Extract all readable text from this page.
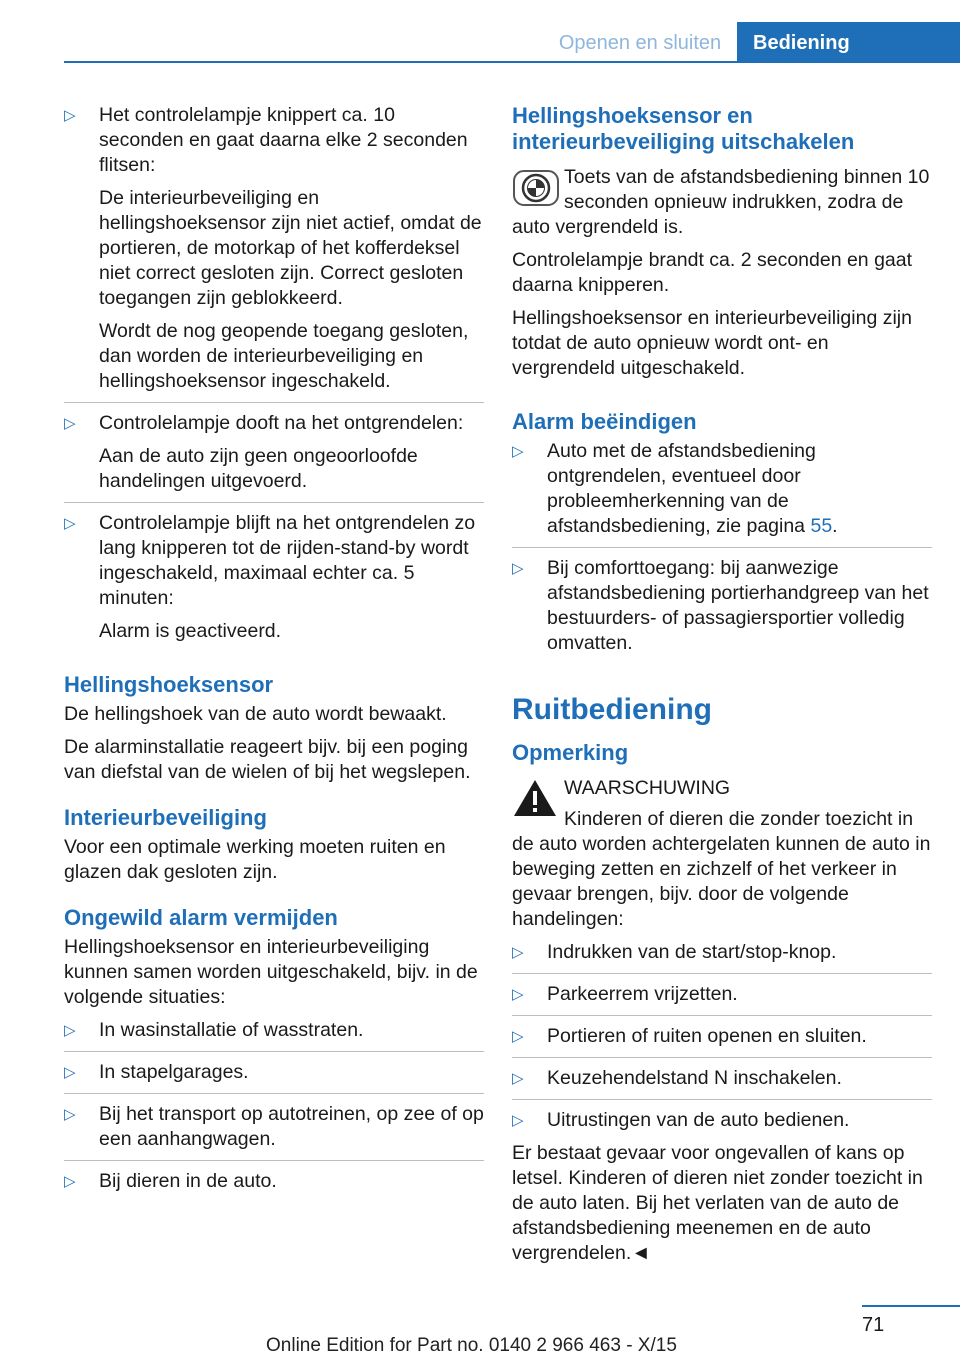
Openen en sluiten	Bediening
▷ Het controlelampje knippert ca. 10 seconden en gaat daarna elke 2 seconden flitsen:

De interieurbeveiliging en hellingshoeksensor zijn niet actief, omdat de portieren, de motorkap of het kofferdeksel niet correct gesloten zijn. Correct gesloten toegangen zijn geblokkeerd.

Wordt de nog geopende toegang gesloten, dan worden de interieurbeveiliging en hellingshoeksensor ingeschakeld.

▷ Controlelampje dooft na het ontgrendelen:

Aan de auto zijn geen ongeoorloofde handelingen uitgevoerd.

▷ Controlelampje blijft na het ontgrendelen zo lang knipperen tot de rijden-stand-by wordt ingeschakeld, maximaal echter ca. 5 minuten:

Alarm is geactiveerd.

Hellingshoeksensor

De hellingshoek van de auto wordt bewaakt.

De alarminstallatie reageert bijv. bij een poging van diefstal van de wielen of bij het wegslepen.

Interieurbeveiliging

Voor een optimale werking moeten ruiten en glazen dak gesloten zijn.

Ongewild alarm vermijden

Hellingshoeksensor en interieurbeveiliging kunnen samen worden uitgeschakeld, bijv. in de volgende situaties:

▷ In wasinstallatie of wasstraten.

▷ In stapelgarages.

▷ Bij het transport op autotreinen, op zee of op een aanhangwagen.

▷ Bij dieren in de auto.

Hellingshoeksensor en interieurbeveiliging uitschakelen

Toets van de afstandsbediening binnen 10 seconden opnieuw indrukken, zodra de auto vergrendeld is.

Controlelampje brandt ca. 2 seconden en gaat daarna knipperen.

Hellingshoeksensor en interieurbeveiliging zijn totdat de auto opnieuw wordt ont- en vergrendeld uitgeschakeld.

Alarm beëindigen
▷ Auto met de afstandsbediening ontgrendelen, eventueel door probleemherkenning van de afstandsbediening, zie pagina 55.

▷ Bij comforttoegang: bij aanwezige afstandsbediening portierhandgreep van het bestuurders- of passagiersportier volledig omvatten.

Ruitbediening
Opmerking

WAARSCHUWING

Kinderen of dieren die zonder toezicht in de auto worden achtergelaten kunnen de auto in beweging zetten en zichzelf of het verkeer in gevaar brengen, bijv. door de volgende handelingen:

▷ Indrukken van de start/stop-knop.

▷ Parkeerrem vrijzetten.

▷ Portieren of ruiten openen en sluiten.

▷ Keuzehendelstand N inschakelen.

▷ Uitrustingen van de auto bedienen.

Er bestaat gevaar voor ongevallen of kans op letsel. Kinderen of dieren niet zonder toezicht in de auto laten. Bij het verlaten van de auto de afstandsbediening meenemen en de auto vergrendelen.◄

71
Online Edition for Part no. 0140 2 966 463 - X/15
